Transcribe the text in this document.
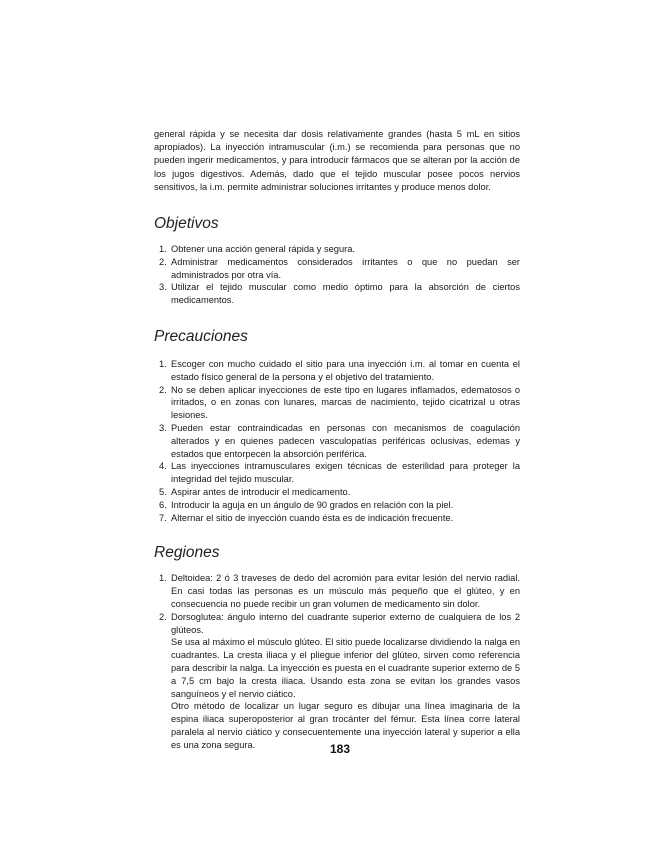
general rápida y se necesita dar dosis relativamente grandes (hasta 5 mL en sitios apropiados). La inyección intramuscular (i.m.) se recomienda para personas que no pueden ingerir medicamentos, y para introducir fármacos que se alteran por la acción de los jugos digestivos. Además, dado que el tejido muscular posee pocos nervios sensitivos, la i.m. permite administrar soluciones irritantes y produce menos dolor.

Objetivos
1. Obtener una acción general rápida y segura.
2. Administrar medicamentos considerados irritantes o que no puedan ser administrados por otra vía.
3. Utilizar el tejido muscular como medio óptimo para la absorción de ciertos medicamentos.
Precauciones
1. Escoger con mucho cuidado el sitio para una inyección i.m. al tomar en cuenta el estado físico general de la persona y el objetivo del tratamiento.
2. No se deben aplicar inyecciones de este tipo en lugares inflamados, edematosos o irritados, o en zonas con lunares, marcas de nacimiento, tejido cicatrizal u otras lesiones.
3. Pueden estar contraindicadas en personas con mecanismos de coagulación alterados y en quienes padecen vasculopatías periféricas oclusivas, edemas y estados que entorpecen la absorción periférica.
4. Las inyecciones intramusculares exigen técnicas de esterilidad para proteger la integridad del tejido muscular.
5. Aspirar antes de introducir el medicamento.
6. Introducir la aguja en un ángulo de 90 grados en relación con la piel.
7. Alternar el sitio de inyección cuando ésta es de indicación frecuente.
Regiones
1. Deltoidea: 2 ó 3 traveses de dedo del acromión para evitar lesión del nervio radial. En casi todas las personas es un músculo más pequeño que el glúteo, y en consecuencia no puede recibir un gran volumen de medicamento sin dolor.
2. Dorsoglutea: ángulo interno del cuadrante superior externo de cualquiera de los 2 glúteos.
Se usa al máximo el músculo glúteo. El sitio puede localizarse dividiendo la nalga en cuadrantes. La cresta iliaca y el pliegue inferior del glúteo, sirven como referencia para describir la nalga. La inyección es puesta en el cuadrante superior externo de 5 a 7,5 cm bajo la cresta iliaca. Usando esta zona se evitan los grandes vasos sanguíneos y el nervio ciático.
Otro método de localizar un lugar seguro es dibujar una línea imaginaria de la espina iliaca superoposterior al gran trocánter del fémur. Esta línea corre lateral paralela al nervio ciático y consecuentemente una inyección lateral y superior a ella es una zona segura.	183
